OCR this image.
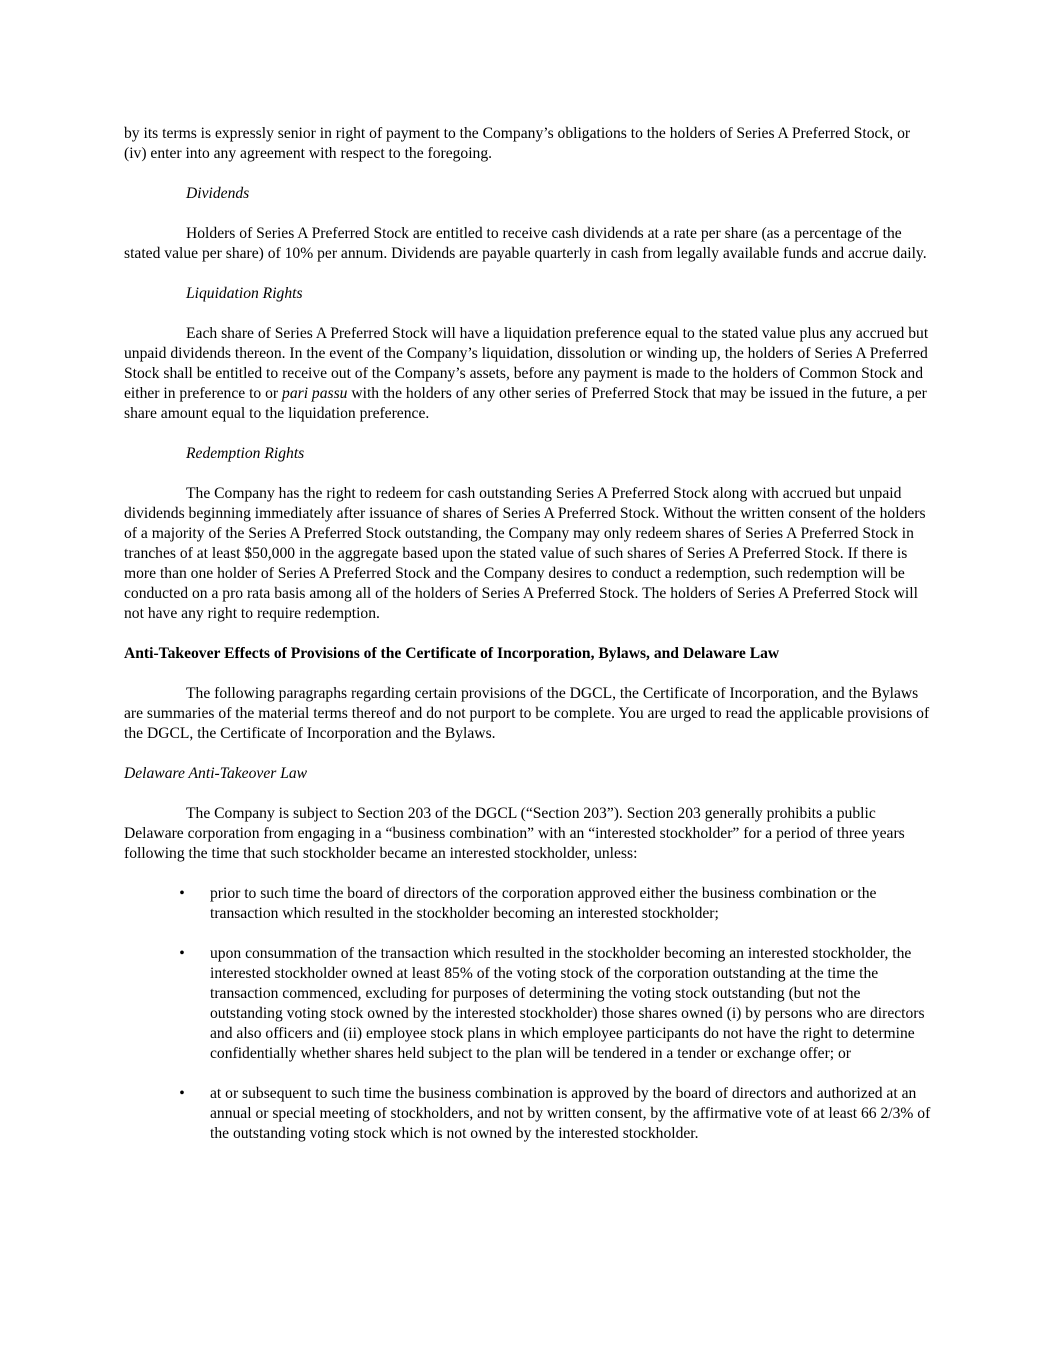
by its terms is expressly senior in right of payment to the Company’s obligations to the holders of Series A Preferred Stock, or (iv) enter into any agreement with respect to the foregoing.

Dividends

Holders of Series A Preferred Stock are entitled to receive cash dividends at a rate per share (as a percentage of the stated value per share) of 10% per annum. Dividends are payable quarterly in cash from legally available funds and accrue daily.

Liquidation Rights

Each share of Series A Preferred Stock will have a liquidation preference equal to the stated value plus any accrued but unpaid dividends thereon. In the event of the Company’s liquidation, dissolution or winding up, the holders of Series A Preferred Stock shall be entitled to receive out of the Company’s assets, before any payment is made to the holders of Common Stock and either in preference to or pari passu with the holders of any other series of Preferred Stock that may be issued in the future, a per share amount equal to the liquidation preference.

Redemption Rights

The Company has the right to redeem for cash outstanding Series A Preferred Stock along with accrued but unpaid dividends beginning immediately after issuance of shares of Series A Preferred Stock. Without the written consent of the holders of a majority of the Series A Preferred Stock outstanding, the Company may only redeem shares of Series A Preferred Stock in tranches of at least $50,000 in the aggregate based upon the stated value of such shares of Series A Preferred Stock. If there is more than one holder of Series A Preferred Stock and the Company desires to conduct a redemption, such redemption will be conducted on a pro rata basis among all of the holders of Series A Preferred Stock. The holders of Series A Preferred Stock will not have any right to require redemption.

Anti-Takeover Effects of Provisions of the Certificate of Incorporation, Bylaws, and Delaware Law

The following paragraphs regarding certain provisions of the DGCL, the Certificate of Incorporation, and the Bylaws are summaries of the material terms thereof and do not purport to be complete. You are urged to read the applicable provisions of the DGCL, the Certificate of Incorporation and the Bylaws.

Delaware Anti-Takeover Law

The Company is subject to Section 203 of the DGCL (“Section 203”). Section 203 generally prohibits a public Delaware corporation from engaging in a “business combination” with an “interested stockholder” for a period of three years following the time that such stockholder became an interested stockholder, unless:

• prior to such time the board of directors of the corporation approved either the business combination or the transaction which resulted in the stockholder becoming an interested stockholder;
• upon consummation of the transaction which resulted in the stockholder becoming an interested stockholder, the interested stockholder owned at least 85% of the voting stock of the corporation outstanding at the time the transaction commenced, excluding for purposes of determining the voting stock outstanding (but not the outstanding voting stock owned by the interested stockholder) those shares owned (i) by persons who are directors and also officers and (ii) employee stock plans in which employee participants do not have the right to determine confidentially whether shares held subject to the plan will be tendered in a tender or exchange offer; or
• at or subsequent to such time the business combination is approved by the board of directors and authorized at an annual or special meeting of stockholders, and not by written consent, by the affirmative vote of at least 66 2/3% of the outstanding voting stock which is not owned by the interested stockholder.
